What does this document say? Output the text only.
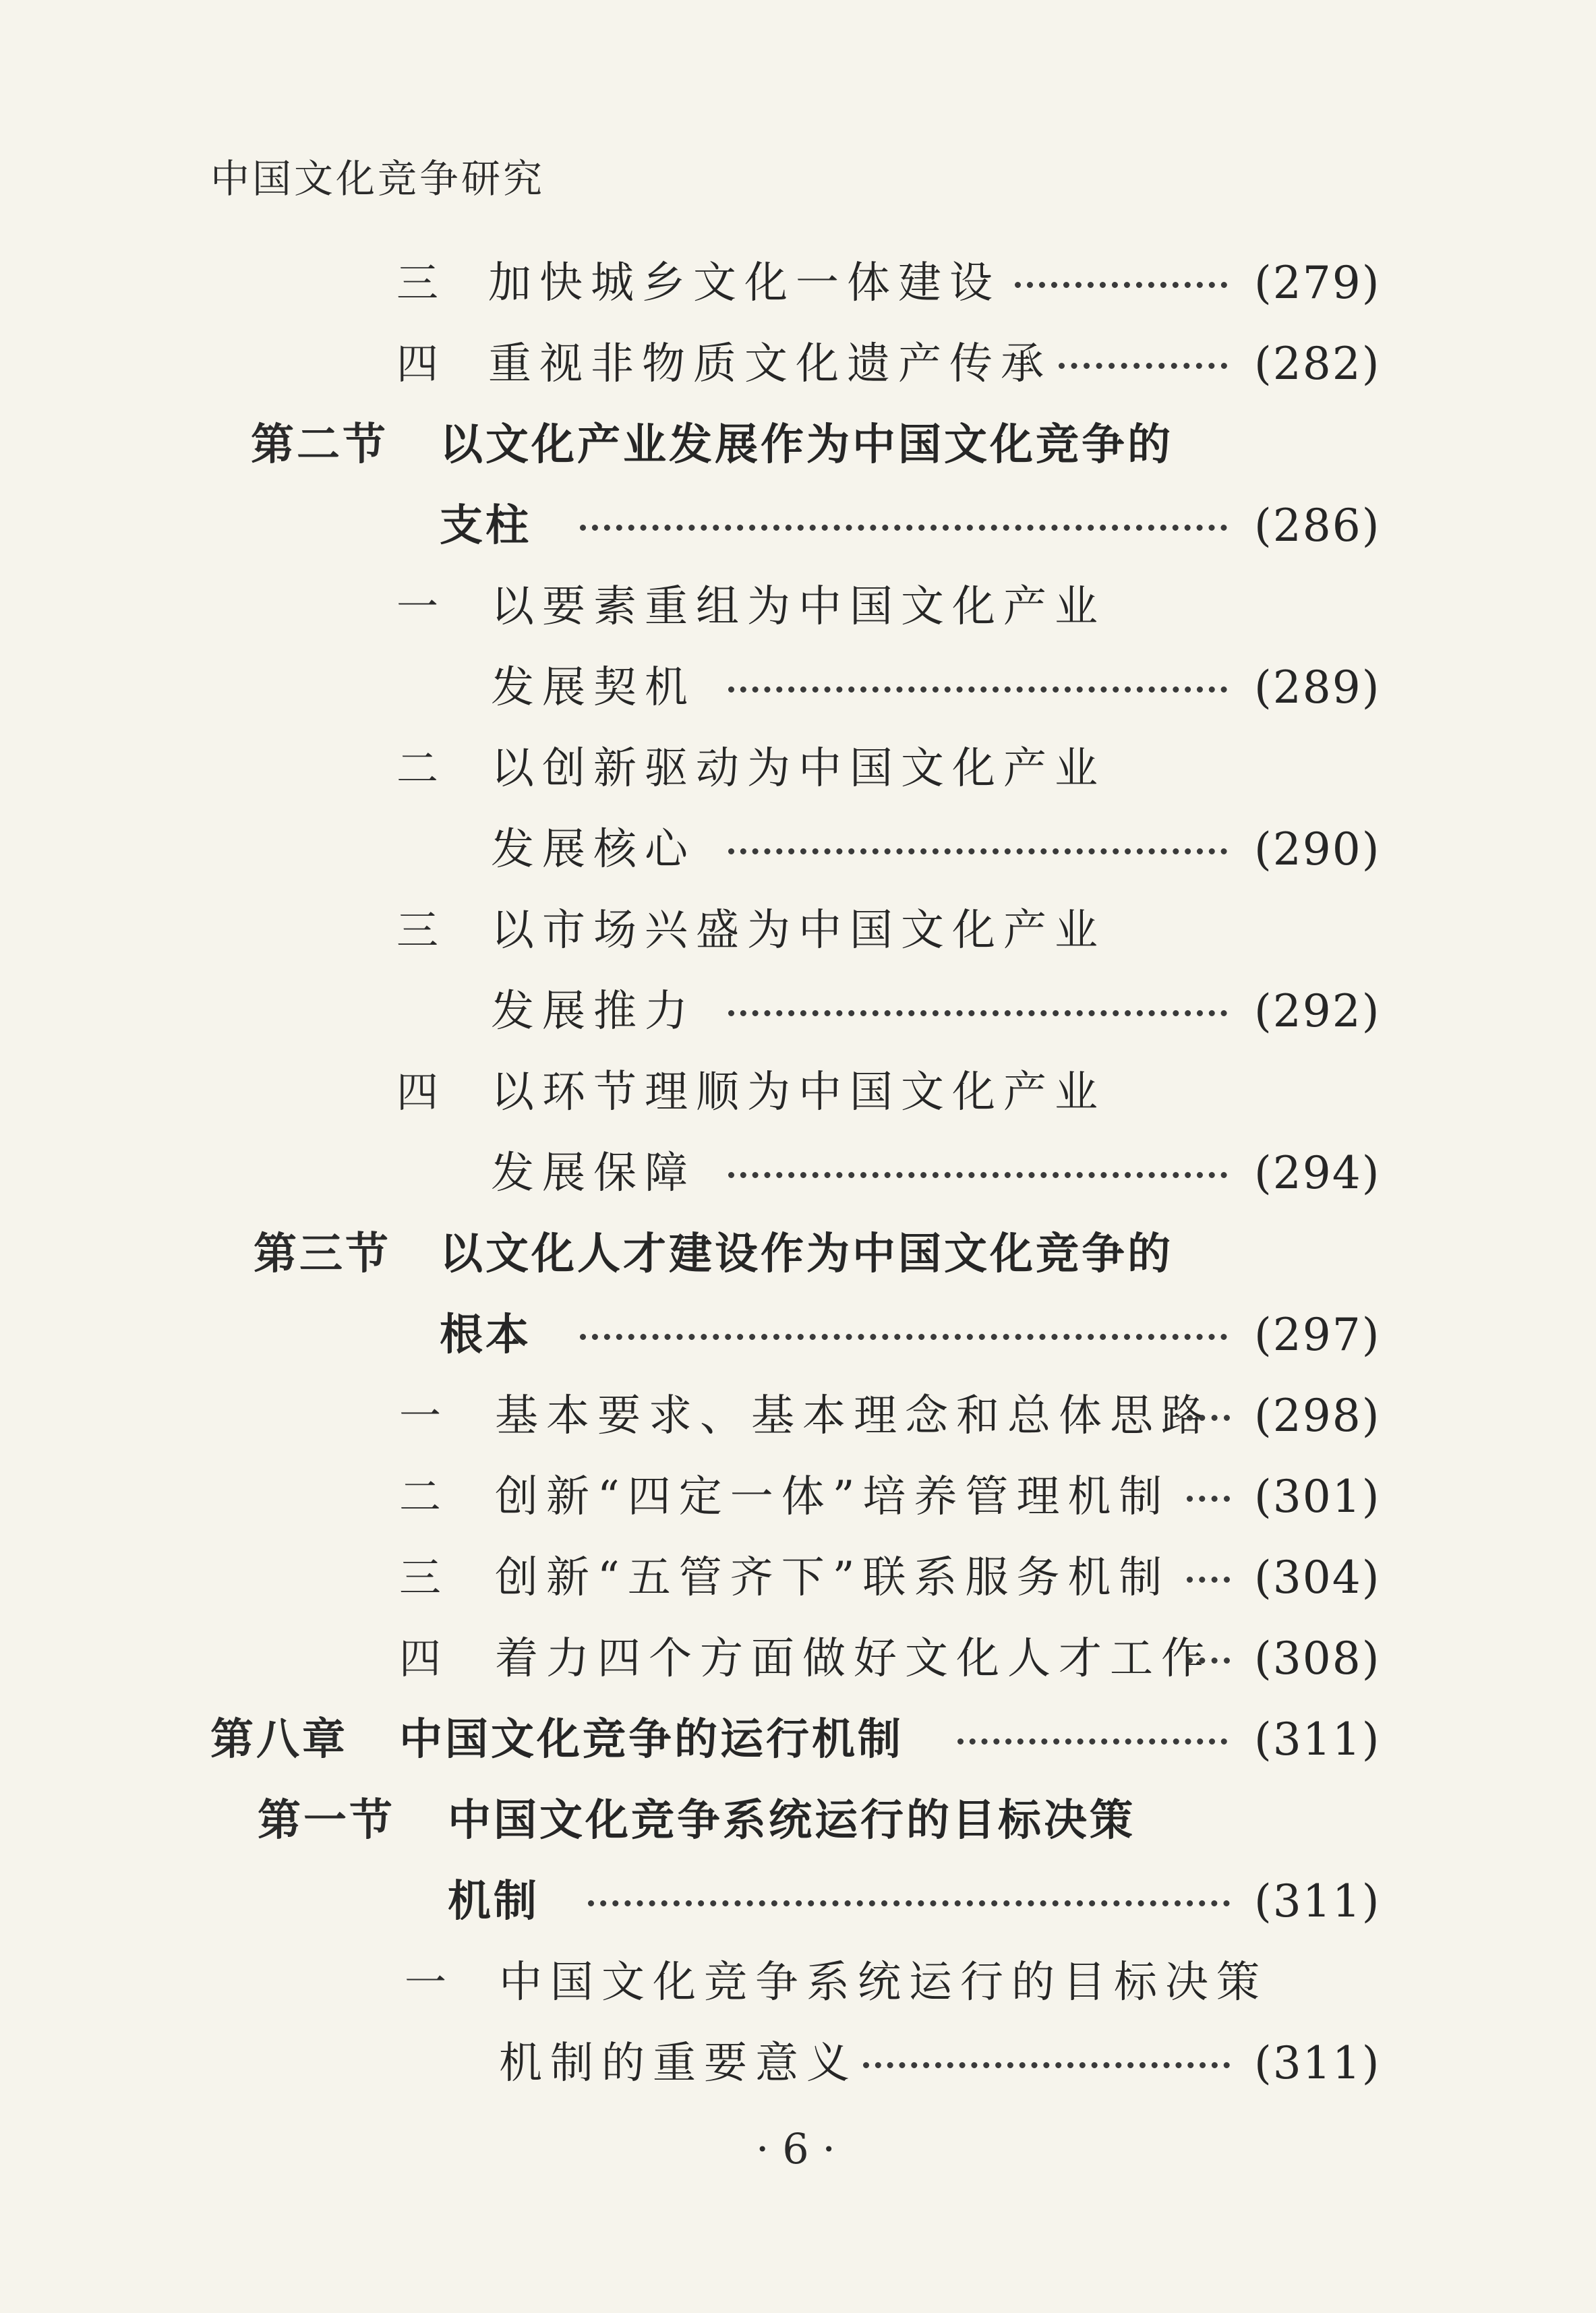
中国文化竞争研究
三 加快城乡文化一体建设	(279)
四 重视非物质文化遗产传承	(282)
第二节 以文化产业发展作为中国文化竞争的
支柱	(286)
一 以要素重组为中国文化产业
发展契机	(289)
二 以创新驱动为中国文化产业
发展核心	(290)
三 以市场兴盛为中国文化产业
发展推力	(292)
四 以环节理顺为中国文化产业
发展保障	(294)
第三节 以文化人才建设作为中国文化竞争的
根本	(297)
一 基本要求、基本理念和总体思路 (298)
二 创新“四定一体”培养管理机制 (301)
三 创新“五管齐下”联系服务机制 (304)
四 着力四个方面做好文化人才工作 (308)
第八章 中国文化竞争的运行机制	(311)
第一节 中国文化竞争系统运行的目标决策
机制	(311)
一 中国文化竞争系统运行的目标决策
机制的重要意义	(311)
· 6 ·
